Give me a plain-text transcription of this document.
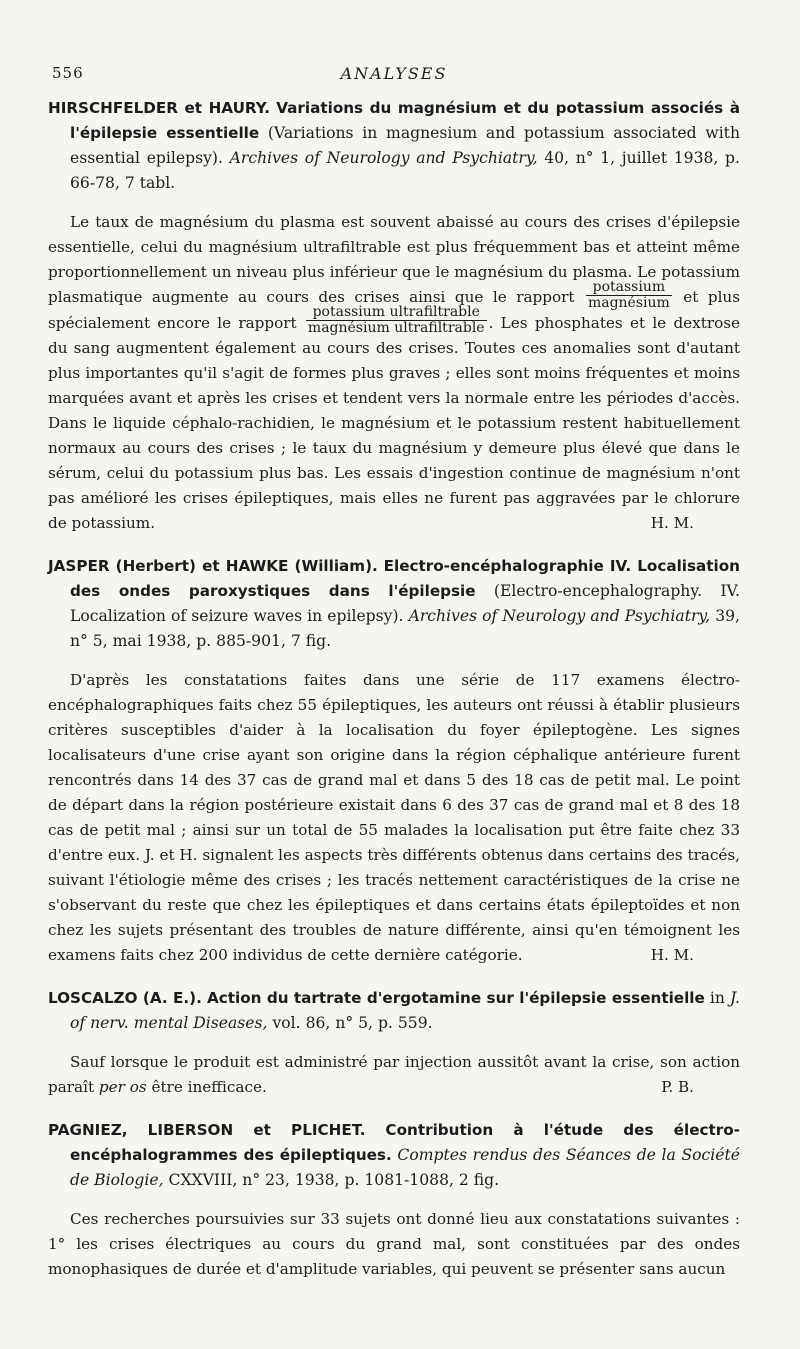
556	ANALYSES

HIRSCHFELDER et HAURY. Variations du magnésium et du potassium associés à l'épilepsie essentielle (Variations in magnesium and potassium associated with essential epilepsy). Archives of Neurology and Psychiatry, 40, n° 1, juillet 1938, p. 66-78, 7 tabl.

Le taux de magnésium du plasma est souvent abaissé au cours des crises d'épilepsie essentielle, celui du magnésium ultrafiltrable est plus fréquemment bas et atteint même proportionnellement un niveau plus inférieur que le magnésium du plasma. Le potassium plasmatique augmente au cours des crises ainsi que le rapport $\frac{\text{potassium}}{\text{magnésium}}$ et plus spécialement encore le rapport $\frac{\text{potassium ultrafiltrable}}{\text{magnésium ultrafiltrable}}$ . Les phosphates et le dextrose du sang augmentent également au cours des crises. Toutes ces anomalies sont d'autant plus importantes qu'il s'agit de formes plus graves ; elles sont moins fréquentes et moins marquées avant et après les crises et tendent vers la normale entre les périodes d'accès. Dans le liquide céphalo-rachidien, le magnésium et le potassium restent habituellement normaux au cours des crises ; le taux du magnésium y demeure plus élevé que dans le sérum, celui du potassium plus bas. Les essais d'ingestion continue de magnésium n'ont pas amélioré les crises épileptiques, mais elles ne furent pas aggravées par le chlorure de potassium.	H. M.

JASPER (Herbert) et HAWKE (William). Electro-encéphalographie IV. Localisation des ondes paroxystiques dans l'épilepsie (Electro-encephalography. IV. Localization of seizure waves in epilepsy). Archives of Neurology and Psychiatry, 39, n° 5, mai 1938, p. 885-901, 7 fig.

D'après les constatations faites dans une série de 117 examens électro-encéphalographiques faits chez 55 épileptiques, les auteurs ont réussi à établir plusieurs critères susceptibles d'aider à la localisation du foyer épileptogène. Les signes localisateurs d'une crise ayant son origine dans la région céphalique antérieure furent rencontrés dans 14 des 37 cas de grand mal et dans 5 des 18 cas de petit mal. Le point de départ dans la région postérieure existait dans 6 des 37 cas de grand mal et 8 des 18 cas de petit mal ; ainsi sur un total de 55 malades la localisation put être faite chez 33 d'entre eux. J. et H. signalent les aspects très différents obtenus dans certains des tracés, suivant l'étiologie même des crises ; les tracés nettement caractéristiques de la crise ne s'observant du reste que chez les épileptiques et dans certains états épileptoïdes et non chez les sujets présentant des troubles de nature différente, ainsi qu'en témoignent les examens faits chez 200 individus de cette dernière catégorie.	H. M.

LOSCALZO (A. E.). Action du tartrate d'ergotamine sur l'épilepsie essentielle in J. of nerv. mental Diseases, vol. 86, n° 5, p. 559.

Sauf lorsque le produit est administré par injection aussitôt avant la crise, son action paraît per os être inefficace.	P. B.

PAGNIEZ, LIBERSON et PLICHET. Contribution à l'étude des électro-encéphalogrammes des épileptiques. Comptes rendus des Séances de la Société de Biologie, CXXVIII, n° 23, 1938, p. 1081-1088, 2 fig.

Ces recherches poursuivies sur 33 sujets ont donné lieu aux constatations suivantes : 1° les crises électriques au cours du grand mal, sont constituées par des ondes monophasiques de durée et d'amplitude variables, qui peuvent se présenter sans aucun
